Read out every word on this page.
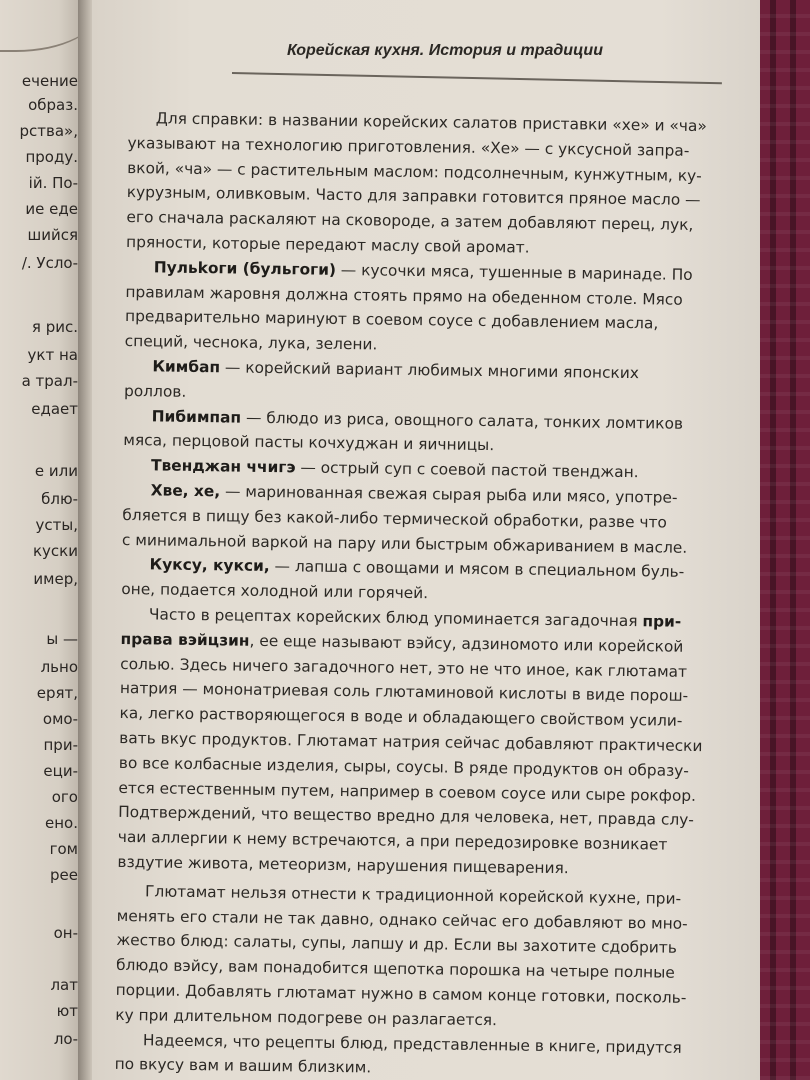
ечение
образ.
рства»,
проду.
ій. По-
ие еде
шийся
/. Усло-
я рис.
укт на
а трал-
едает
е или
блю-
усты,
куски
имер,
ы —
льно
ерят,
омо-
при-
еци-
ого
ено.
гом
рее
он-
лат
ют
ло-
Корейская кухня. История и традиции
Для справки: в названии корейских салатов приставки «хе» и «ча»
указывают на технологию приготовления. «Хе» — с уксусной запра-
вкой, «ча» — с растительным маслом: подсолнечным, кунжутным, ку-
курузным, оливковым. Часто для заправки готовится пряное масло —
его сначала раскаляют на сковороде, а затем добавляют перец, лук,
пряности, которые передают маслу свой аромат.
Пульkоги (бульгоги) — кусочки мяса, тушенные в маринаде. По
правилам жаровня должна стоять прямо на обеденном столе. Мясо
предварительно маринуют в соевом соусе с добавлением масла,
специй, чеснока, лука, зелени.
Кимбап — корейский вариант любимых многими японских
роллов.
Пибимпап — блюдо из риса, овощного салата, тонких ломтиков
мяса, перцовой пасты кочхуджан и яичницы.
Твенджан ччигэ — острый суп с соевой пастой твенджан.
Хве, хе, — маринованная свежая сырая рыба или мясо, употре-
бляется в пищу без какой-либо термической обработки, разве что
с минимальной варкой на пару или быстрым обжариванием в масле.
Куксу, кукси, — лапша с овощами и мясом в специальном буль-
оне, подается холодной или горячей.
Часто в рецептах корейских блюд упоминается загадочная при-
права вэйцзин, ее еще называют вэйсу, адзиномото или корейской
солью. Здесь ничего загадочного нет, это не что иное, как глютамат
натрия — мононатриевая соль глютаминовой кислоты в виде порош-
ка, легко растворяющегося в воде и обладающего свойством усили-
вать вкус продуктов. Глютамат натрия сейчас добавляют практически
во все колбасные изделия, сыры, соусы. В ряде продуктов он образу-
ется естественным путем, например в соевом соусе или сыре рокфор.
Подтверждений, что вещество вредно для человека, нет, правда слу-
чаи аллергии к нему встречаются, а при передозировке возникает
вздутие живота, метеоризм, нарушения пищеварения.
Глютамат нельзя отнести к традиционной корейской кухне, при-
менять его стали не так давно, однако сейчас его добавляют во мно-
жество блюд: салаты, супы, лапшу и др. Если вы захотите сдобрить
блюдо вэйсу, вам понадобится щепотка порошка на четыре полные
порции. Добавлять глютамат нужно в самом конце готовки, посколь-
ку при длительном подогреве он разлагается.
Надеемся, что рецепты блюд, представленные в книге, придутся
по вкусу вам и вашим близким.
